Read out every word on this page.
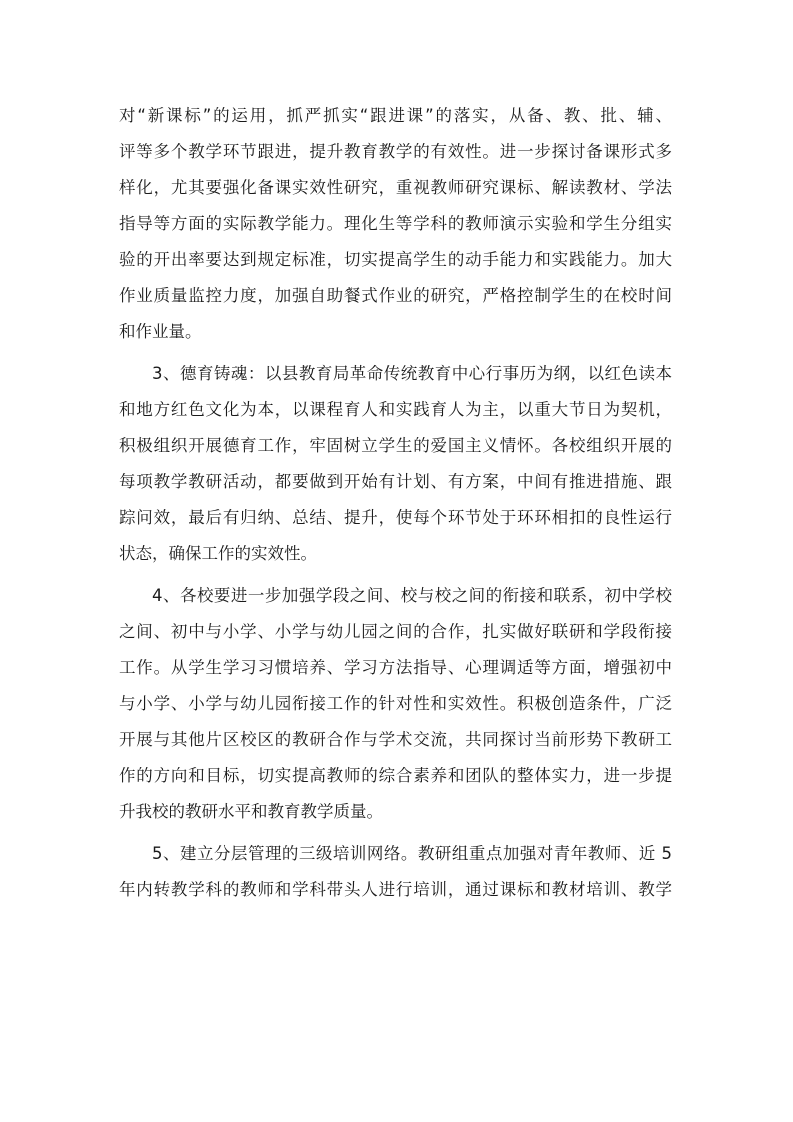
对“新课标”的运用，抓严抓实“跟进课”的落实，从备、教、批、辅、
评等多个教学环节跟进，提升教育教学的有效性。进一步探讨备课形式多
样化，尤其要强化备课实效性研究，重视教师研究课标、解读教材、学法
指导等方面的实际教学能力。理化生等学科的教师演示实验和学生分组实
验的开出率要达到规定标准，切实提高学生的动手能力和实践能力。加大
作业质量监控力度，加强自助餐式作业的研究，严格控制学生的在校时间
和作业量。
3、德育铸魂：以县教育局革命传统教育中心行事历为纲，以红色读本
和地方红色文化为本，以课程育人和实践育人为主，以重大节日为契机，
积极组织开展德育工作，牢固树立学生的爱国主义情怀。各校组织开展的
每项教学教研活动，都要做到开始有计划、有方案，中间有推进措施、跟
踪问效，最后有归纳、总结、提升，使每个环节处于环环相扣的良性运行
状态，确保工作的实效性。
4、各校要进一步加强学段之间、校与校之间的衔接和联系，初中学校
之间、初中与小学、小学与幼儿园之间的合作，扎实做好联研和学段衔接
工作。从学生学习习惯培养、学习方法指导、心理调适等方面，增强初中
与小学、小学与幼儿园衔接工作的针对性和实效性。积极创造条件，广泛
开展与其他片区校区的教研合作与学术交流，共同探讨当前形势下教研工
作的方向和目标，切实提高教师的综合素养和团队的整体实力，进一步提
升我校的教研水平和教育教学质量。
5、建立分层管理的三级培训网络。教研组重点加强对青年教师、近 5
年内转教学科的教师和学科带头人进行培训，通过课标和教材培训、教学
